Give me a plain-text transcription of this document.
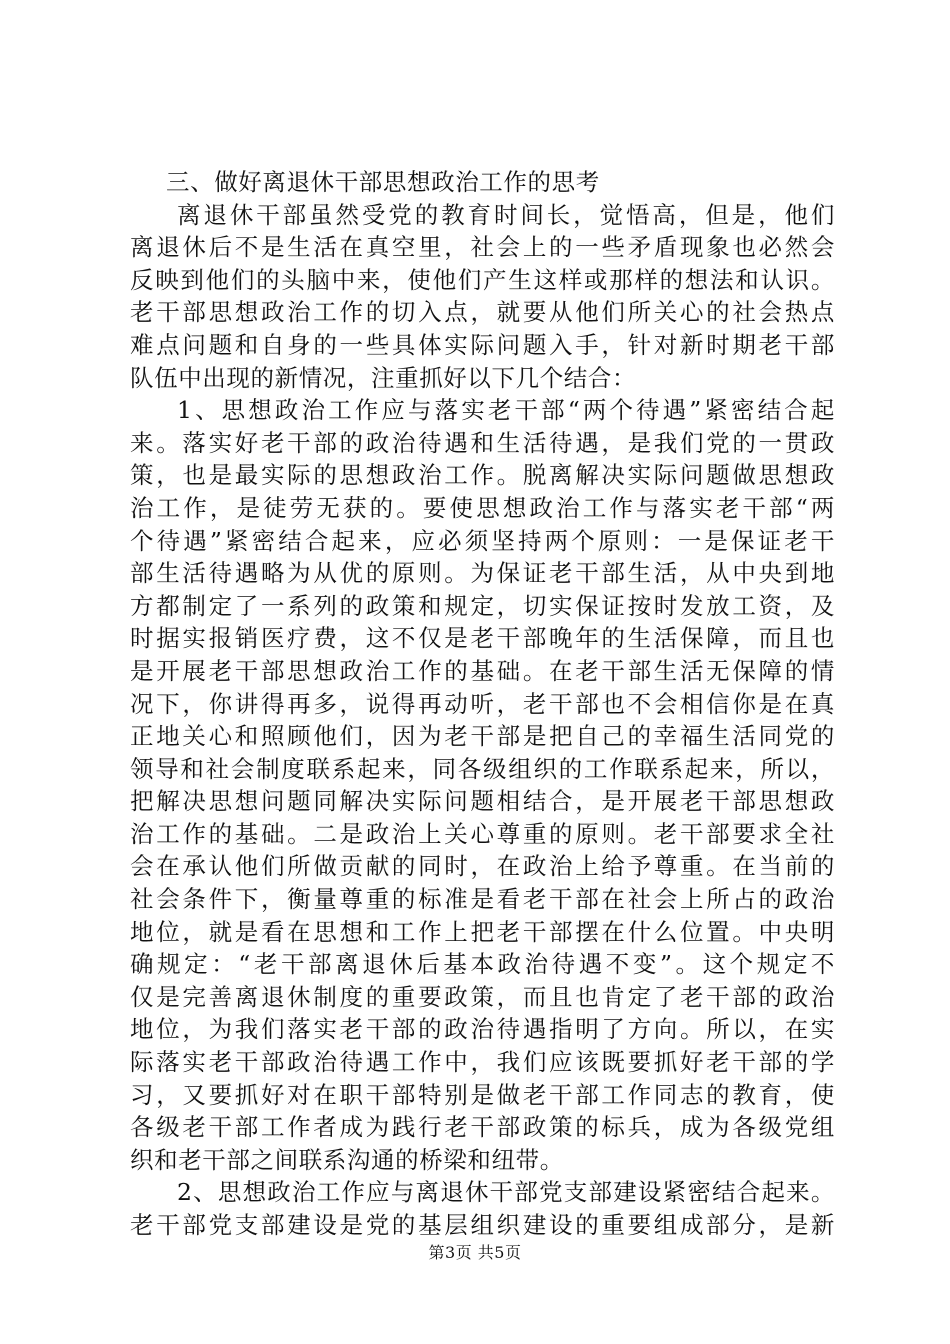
三、做好离退休干部思想政治工作的思考
离退休干部虽然受党的教育时间长，觉悟高，但是，他们
离退休后不是生活在真空里，社会上的一些矛盾现象也必然会
反映到他们的头脑中来，使他们产生这样或那样的想法和认识。
老干部思想政治工作的切入点，就要从他们所关心的社会热点
难点问题和自身的一些具体实际问题入手，针对新时期老干部
队伍中出现的新情况，注重抓好以下几个结合：
1、思想政治工作应与落实老干部“两个待遇”紧密结合起
来。落实好老干部的政治待遇和生活待遇，是我们党的一贯政
策，也是最实际的思想政治工作。脱离解决实际问题做思想政
治工作，是徒劳无获的。要使思想政治工作与落实老干部“两
个待遇”紧密结合起来，应必须坚持两个原则：一是保证老干
部生活待遇略为从优的原则。为保证老干部生活，从中央到地
方都制定了一系列的政策和规定，切实保证按时发放工资，及
时据实报销医疗费，这不仅是老干部晚年的生活保障，而且也
是开展老干部思想政治工作的基础。在老干部生活无保障的情
况下，你讲得再多，说得再动听，老干部也不会相信你是在真
正地关心和照顾他们，因为老干部是把自己的幸福生活同党的
领导和社会制度联系起来，同各级组织的工作联系起来，所以，
把解决思想问题同解决实际问题相结合，是开展老干部思想政
治工作的基础。二是政治上关心尊重的原则。老干部要求全社
会在承认他们所做贡献的同时，在政治上给予尊重。在当前的
社会条件下，衡量尊重的标准是看老干部在社会上所占的政治
地位，就是看在思想和工作上把老干部摆在什么位置。中央明
确规定：“老干部离退休后基本政治待遇不变”。这个规定不
仅是完善离退休制度的重要政策，而且也肯定了老干部的政治
地位，为我们落实老干部的政治待遇指明了方向。所以，在实
际落实老干部政治待遇工作中，我们应该既要抓好老干部的学
习，又要抓好对在职干部特别是做老干部工作同志的教育，使
各级老干部工作者成为践行老干部政策的标兵，成为各级党组
织和老干部之间联系沟通的桥梁和纽带。
2、思想政治工作应与离退休干部党支部建设紧密结合起来。
老干部党支部建设是党的基层组织建设的重要组成部分，是新
第3页 共5页
